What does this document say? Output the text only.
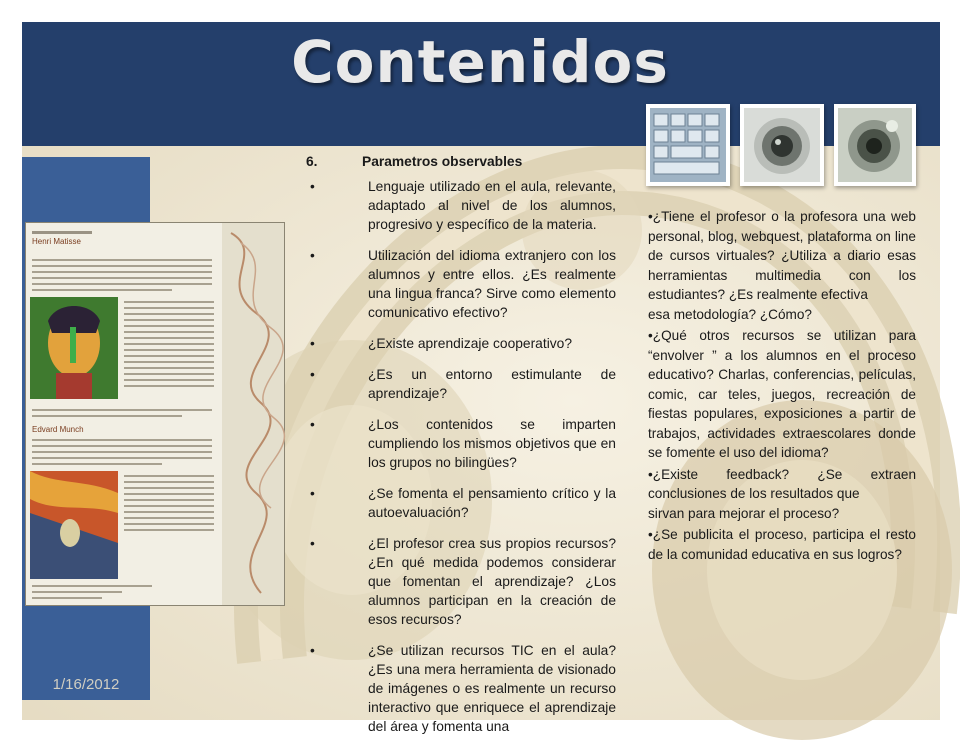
Contenidos
1/16/2012
Henri Matisse
Edvard Munch
6.	Parametros observables
•	Lenguaje utilizado en el aula, relevante, adaptado al nivel de los alumnos, progresivo y específico de la materia.
•	Utilización del idioma extranjero con los alumnos y entre ellos. ¿Es realmente una lingua franca? Sirve como elemento comunicativo efectivo?
•	¿Existe aprendizaje cooperativo?
•	¿Es un entorno estimulante de aprendizaje?
•	¿Los contenidos se imparten cumpliendo los mismos objetivos que en los grupos no bilingües?
•	¿Se fomenta el pensamiento crítico y la autoevaluación?
•	¿El profesor crea sus propios recursos? ¿En qué medida podemos considerar que fomentan el aprendizaje? ¿Los alumnos participan en la creación de esos recursos?
•	¿Se utilizan recursos TIC en el aula? ¿Es una mera herramienta de visionado de imágenes o es realmente un recurso interactivo que enriquece el aprendizaje del área y fomenta una
•¿Tiene el profesor o la profesora una web personal, blog, webquest, plataforma on line de cursos virtuales? ¿Utiliza a diario esas herramientas multimedia con los estudiantes? ¿Es realmente efectiva
esa metodología? ¿Cómo?
•¿Qué otros recursos se utilizan para “envolver ” a los alumnos en el proceso educativo? Charlas, conferencias, películas, comic, car teles, juegos, recreación de fiestas populares, exposiciones a partir de trabajos, actividades extraescolares donde se fomente el uso del idioma?
•¿Existe feedback? ¿Se extraen conclusiones de los resultados que
sirvan para mejorar el proceso?
•¿Se publicita el proceso, participa el resto de la comunidad educativa en sus logros?
